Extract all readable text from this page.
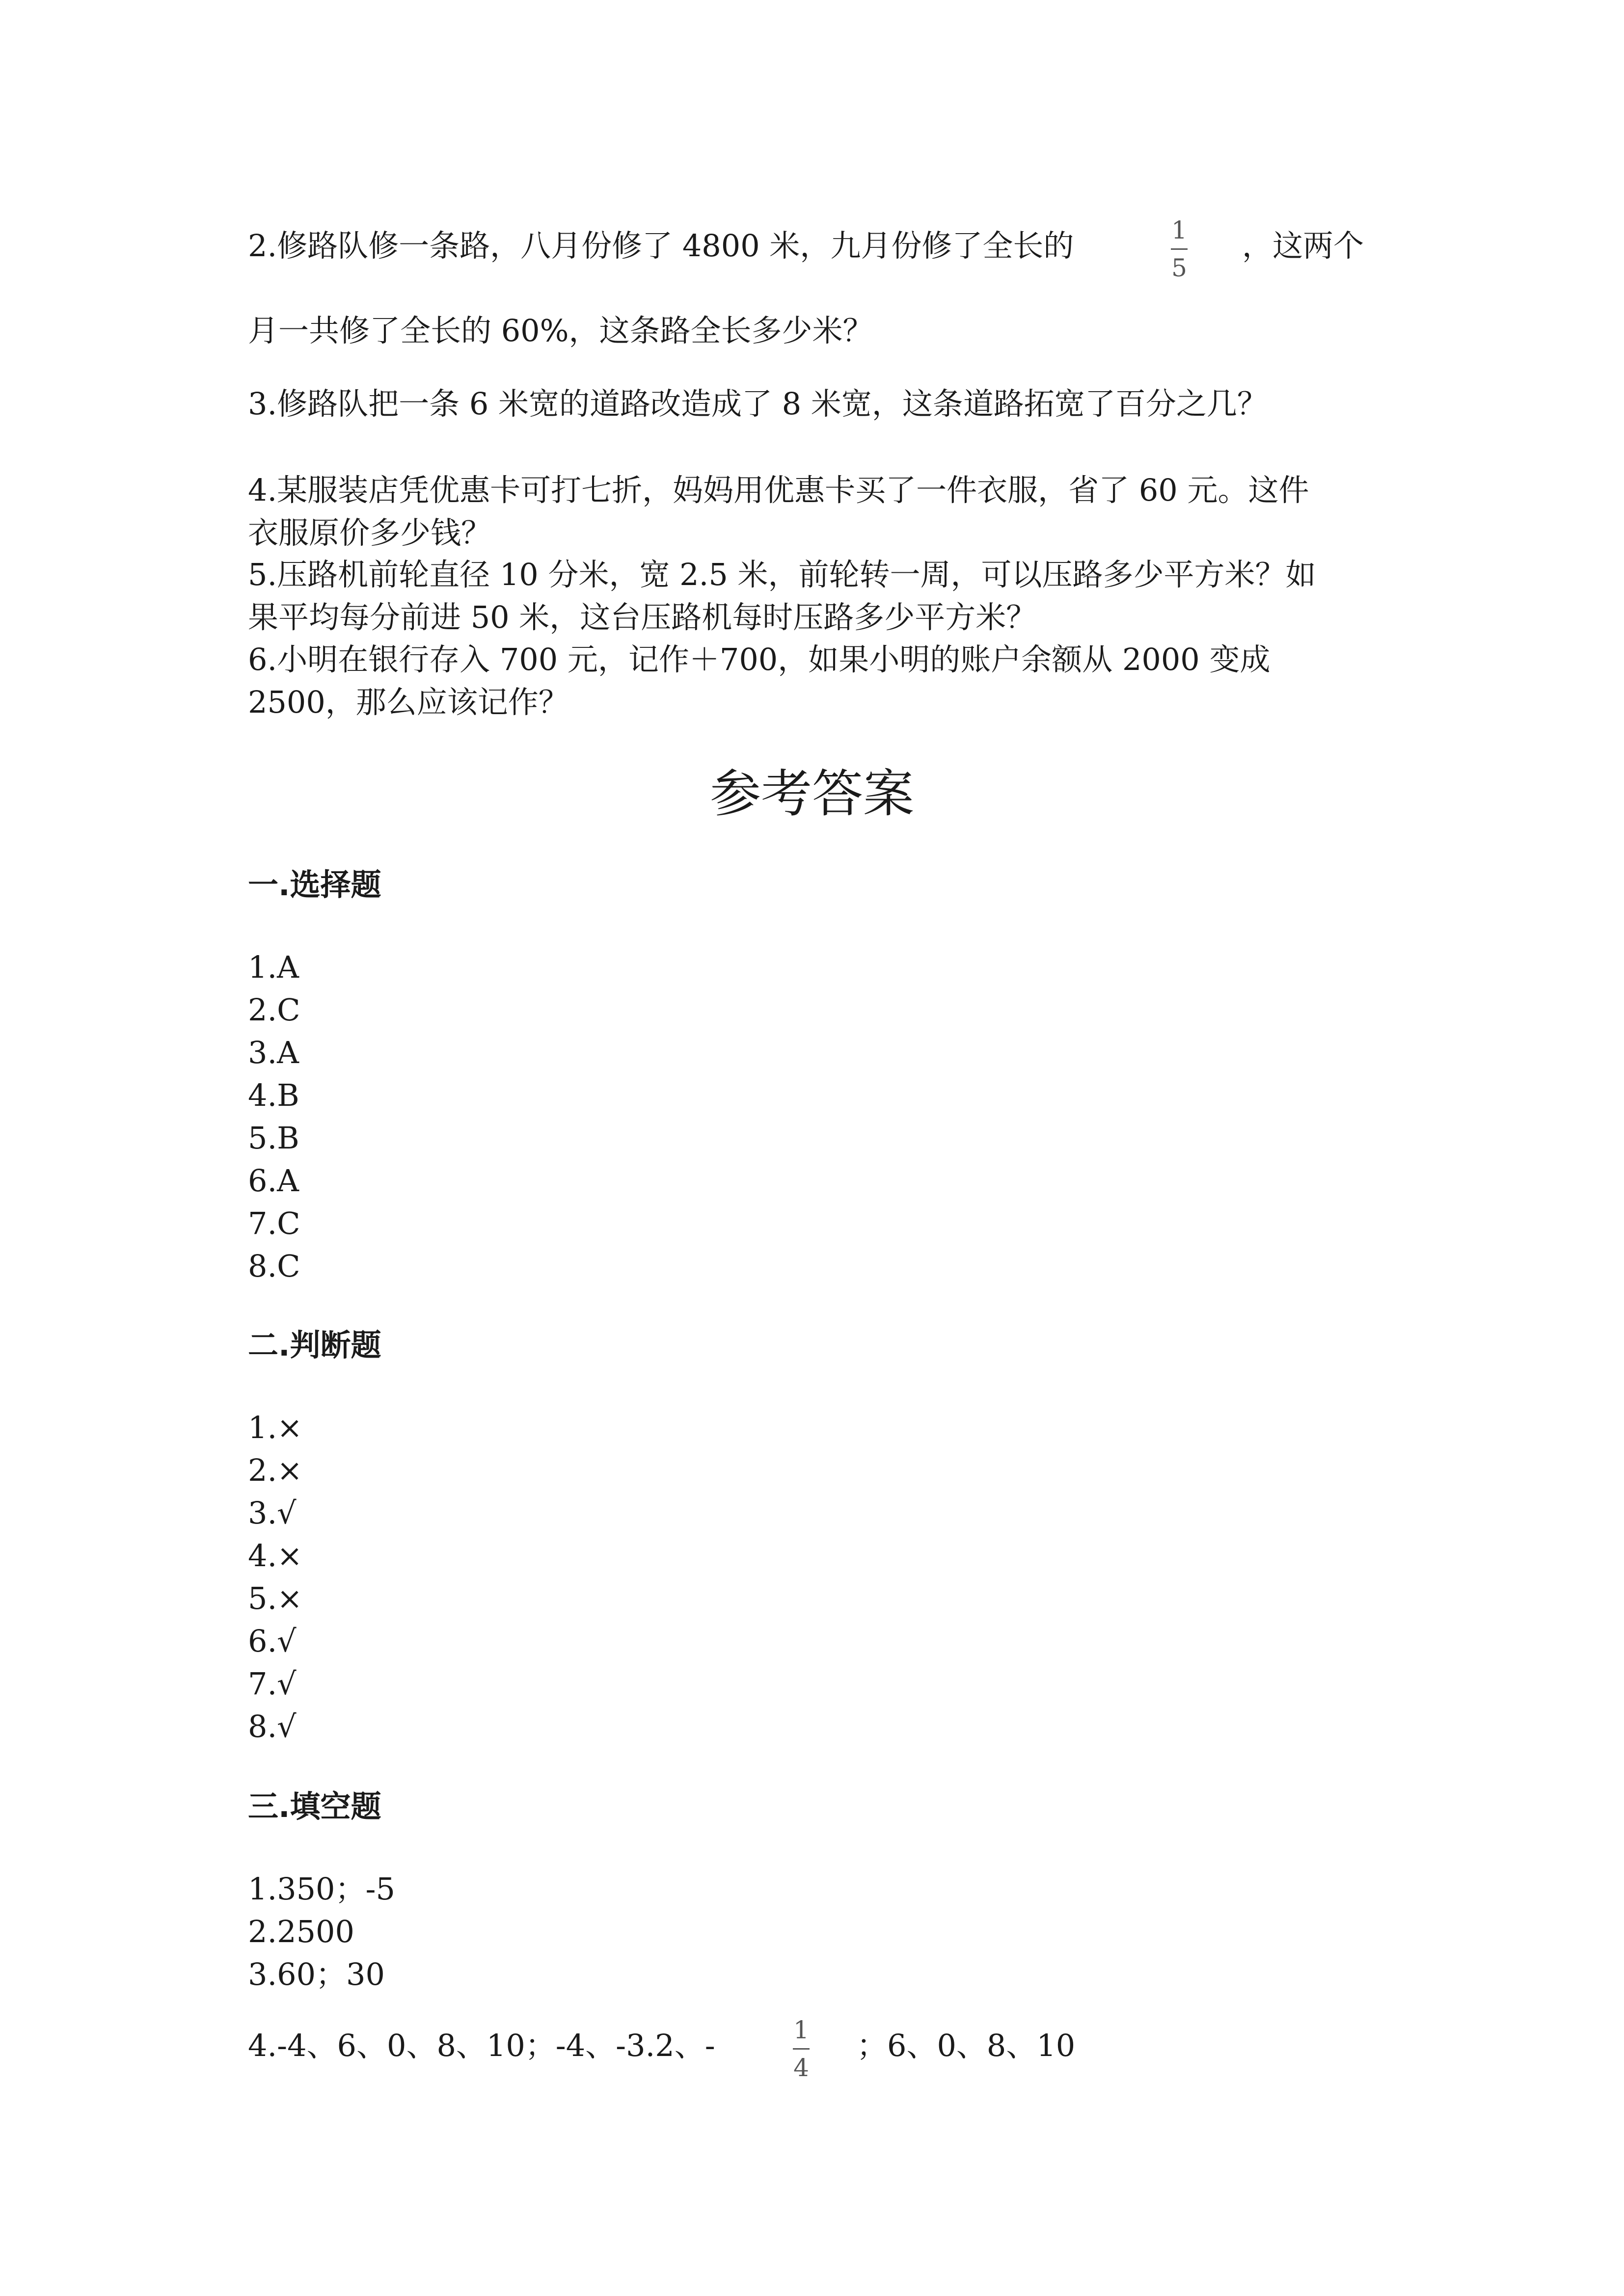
2.修路队修一条路，八月份修了 4800 米，九月份修了全长的	1
5
，这两个
月一共修了全长的 60%，这条路全长多少米？
3.修路队把一条 6 米宽的道路改造成了 8 米宽，这条道路拓宽了百分之几？
4.某服装店凭优惠卡可打七折，妈妈用优惠卡买了一件衣服，省了 60 元。这件
衣服原价多少钱？
5.压路机前轮直径 10 分米，宽 2.5 米，前轮转一周，可以压路多少平方米？如
果平均每分前进 50 米，这台压路机每时压路多少平方米？
6.小明在银行存入 700 元，记作＋700，如果小明的账户余额从 2000 变成
2500，那么应该记作？
参考答案
一.选择题
1.A
2.C
3.A
4.B
5.B
6.A
7.C
8.C
二.判断题
1.×
2.×
3.√
4.×
5.×
6.√
7.√
8.√
三.填空题
1.350；-5
2.2500
3.60；30
4.-4、6、0、8、10；-4、-3.2、-	1
4
；6、0、8、10
